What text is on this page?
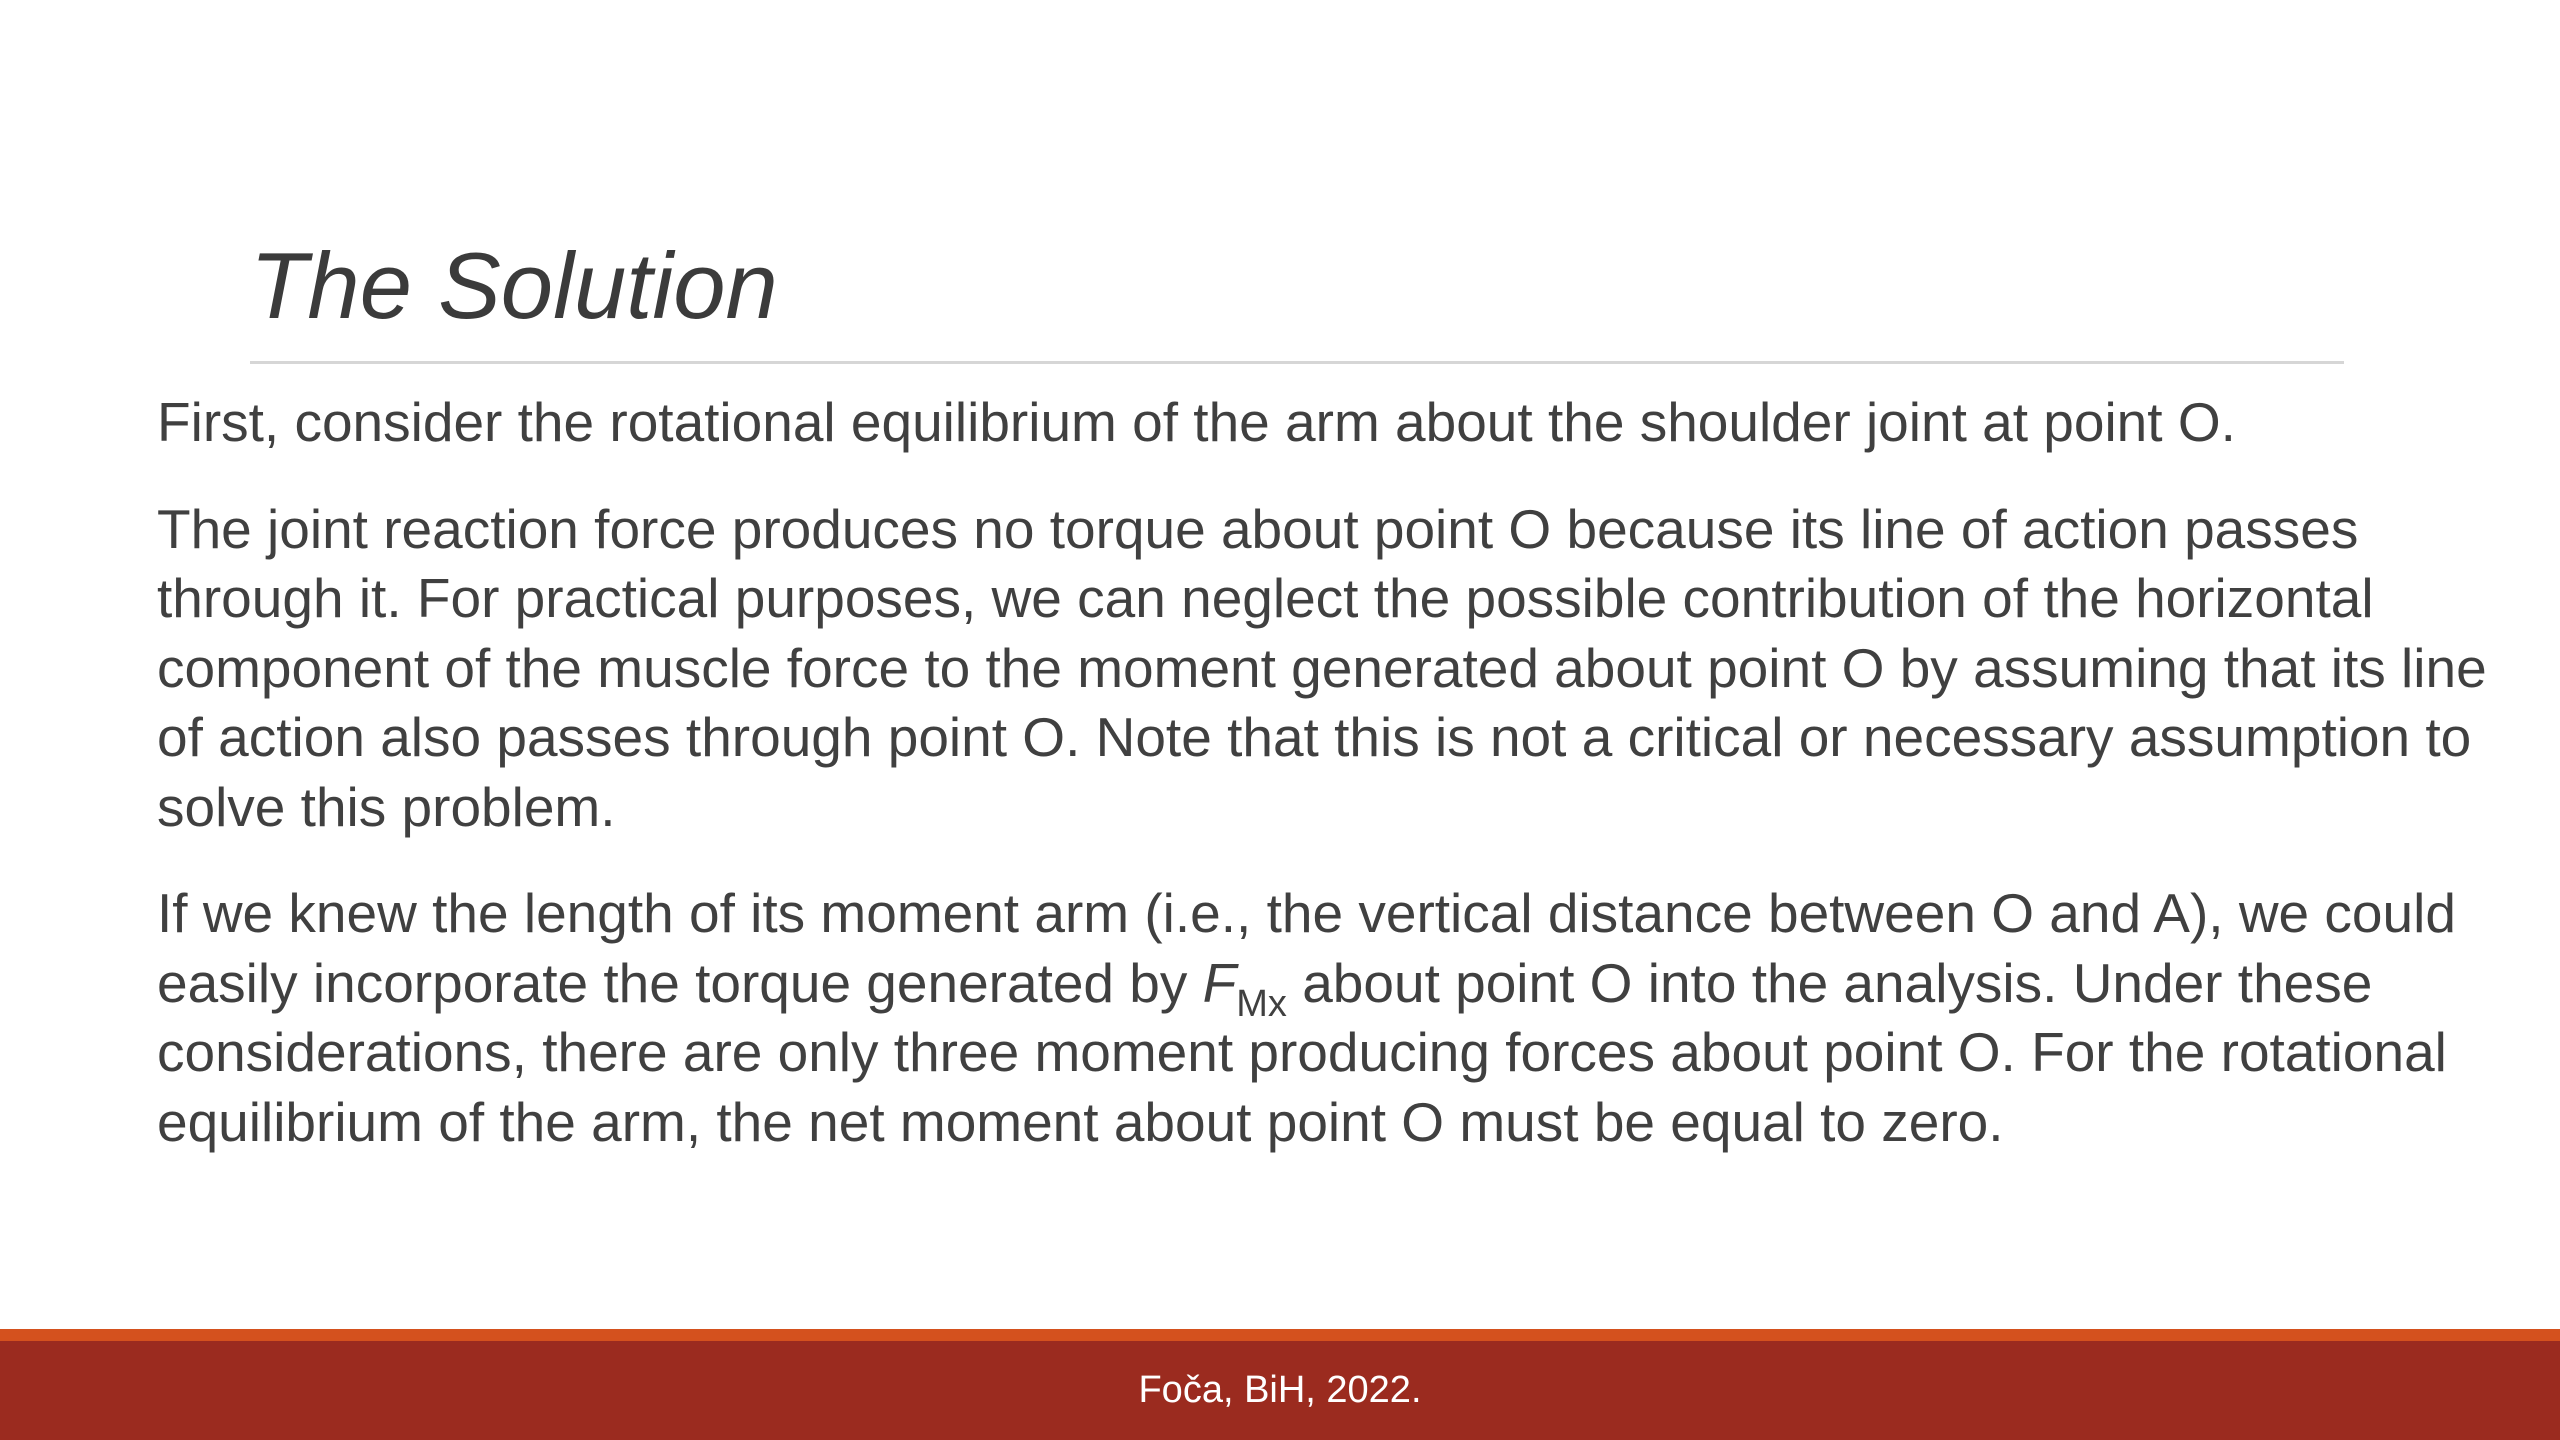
The Solution

First, consider the rotational equilibrium of the arm about the shoulder joint at point O.

The joint reaction force produces no torque about point O because its line of action passes through it. For practical purposes, we can neglect the possible contribution of the horizontal component of the muscle force to the moment generated about point O by assuming that its line of action also passes through point O. Note that this is not a critical or necessary assumption to solve this problem.

If we knew the length of its moment arm (i.e., the vertical distance between O and A), we could easily incorporate the torque generated by $F_{Mx}$ about point O into the analysis. Under these considerations, there are only three moment producing forces about point O. For the rotational equilibrium of the arm, the net moment about point O must be equal to zero.

Foča, BiH, 2022.
